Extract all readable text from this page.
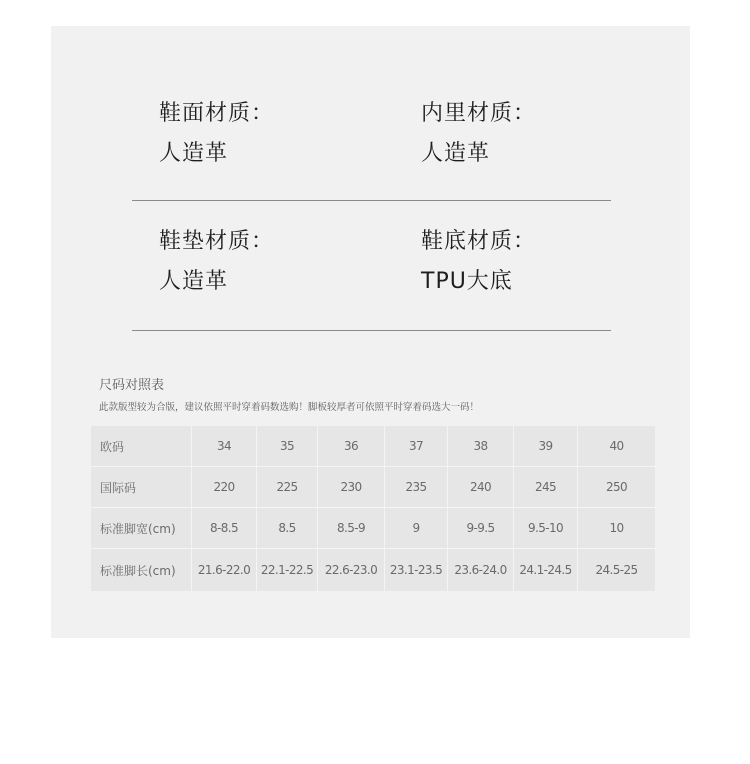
鞋面材质：
人造革
内里材质：
人造革
鞋垫材质：
人造革
鞋底材质：
TPU大底
尺码对照表
此款版型较为合版，建议依照平时穿着码数选购！脚板较厚者可依照平时穿着码选大一码！
欧码	34	35	36	37	38	39	40
国际码	220	225	230	235	240	245	250
标准脚宽(cm)	8-8.5	8.5	8.5-9	9	9-9.5	9.5-10	10
标准脚长(cm)	21.6-22.0	22.1-22.5	22.6-23.0	23.1-23.5	23.6-24.0	24.1-24.5	24.5-25
